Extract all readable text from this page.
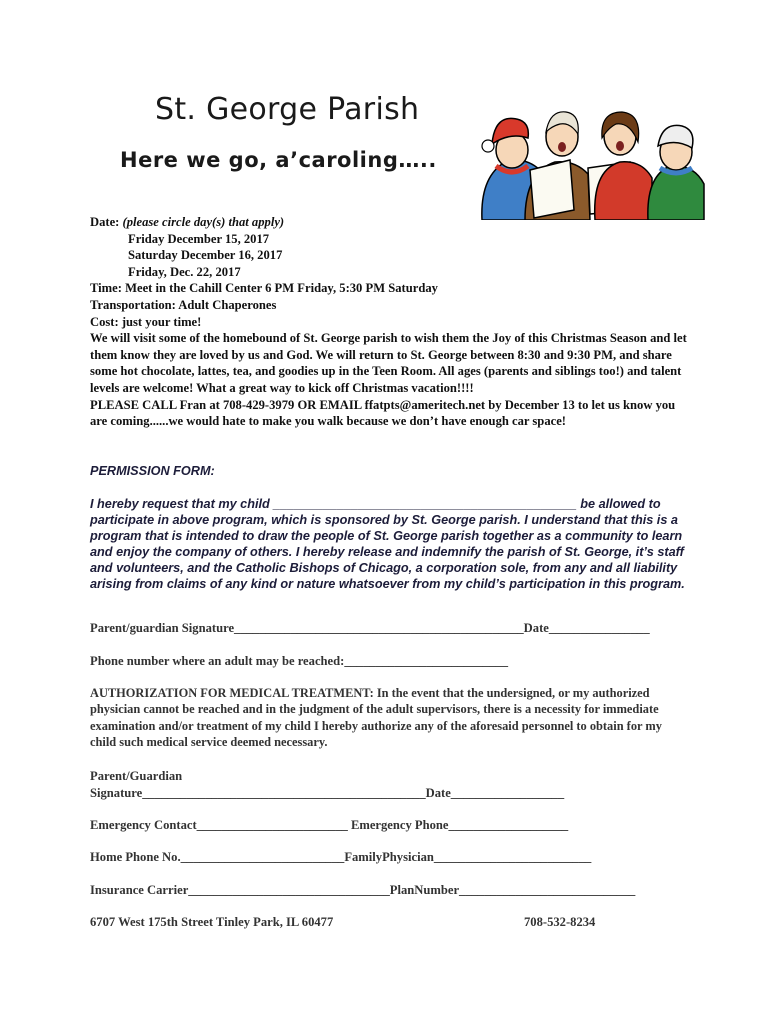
St. George Parish
Here we go, a’caroling…..
Date: (please circle day(s) that apply)
Friday December 15, 2017
Saturday December 16, 2017
Friday, Dec. 22, 2017
Time: Meet in the Cahill Center 6 PM Friday, 5:30 PM Saturday
Transportation: Adult Chaperones
Cost: just your time!
We will visit some of the homebound of St. George parish to wish them the Joy of this Christmas Season and let them know they are loved by us and God. We will return to St. George between 8:30 and 9:30 PM, and share some hot chocolate, lattes, tea, and goodies up in the Teen Room. All ages (parents and siblings too!) and talent levels are welcome! What a great way to kick off Christmas vacation!!!!
PLEASE CALL Fran at 708-429-3979 OR EMAIL ffatpts@ameritech.net by December 13 to let us know you are coming......we would hate to make you walk because we don’t have enough car space!
PERMISSION FORM:
I hereby request that my child ___________________________________________ be allowed to participate in above program, which is sponsored by St. George parish. I understand that this is a program that is intended to draw the people of St. George parish together as a community to learn and enjoy the company of others. I hereby release and indemnify the parish of St. George, it’s staff and volunteers, and the Catholic Bishops of Chicago, a corporation sole, from any and all liability arising from claims of any kind or nature whatsoever from my child’s participation in this program.
Parent/guardian Signature______________________________________________Date________________
Phone number where an adult may be reached:__________________________
AUTHORIZATION FOR MEDICAL TREATMENT: In the event that the undersigned, or my authorized physician cannot be reached and in the judgment of the adult supervisors, there is a necessity for immediate examination and/or treatment of my child I hereby authorize any of the aforesaid personnel to obtain for my child such medical service deemed necessary.
Parent/Guardian
Signature_____________________________________________Date__________________
Emergency Contact________________________ Emergency Phone___________________
Home Phone No.__________________________FamilyPhysician_________________________
Insurance Carrier________________________________PlanNumber____________________________
6707 West 175th Street Tinley Park, IL 60477	708-532-8234
